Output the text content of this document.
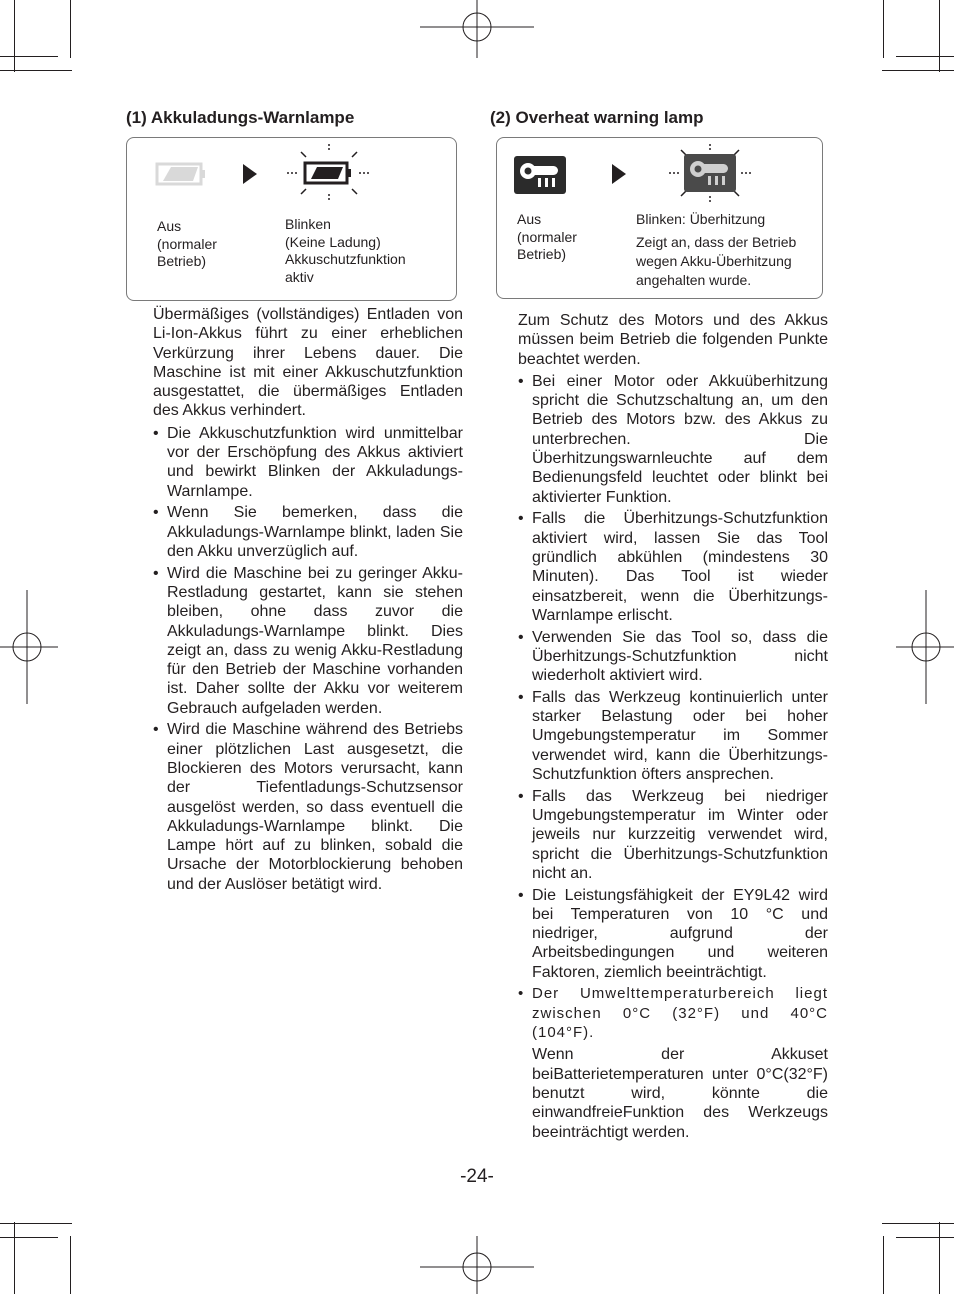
(1) Akkuladungs-Warnlampe
Aus
(normaler
Betrieb)
Blinken
(Keine Ladung)
Akkuschutzfunktion
aktiv

Übermäßiges (vollständiges) Entladen von Li-Ion-Akkus führt zu einer erheblichen Verkürzung ihrer Lebens dauer. Die Maschine ist mit einer Akkuschutzfunktion ausgestattet, die übermäßiges Entladen des Akkus verhindert.

• Die Akkuschutzfunktion wird unmittelbar vor der Erschöpfung des Akkus aktiviert und bewirkt Blinken der Akkuladungs-Warnlampe.
• Wenn Sie bemerken, dass die Akkuladungs-Warnlampe blinkt, laden Sie den Akku unverzüglich auf.
• Wird die Maschine bei zu geringer Akku-Restladung gestartet, kann sie stehen bleiben, ohne dass zuvor die Akkuladungs-Warnlampe blinkt. Dies zeigt an, dass zu wenig Akku-Restladung für den Betrieb der Maschine vorhanden ist. Daher sollte der Akku vor weiterem Gebrauch aufgeladen werden.
• Wird die Maschine während des Betriebs einer plötzlichen Last ausgesetzt, die Blockieren des Motors verursacht, kann der Tiefentladungs-Schutzsensor ausgelöst werden, so dass eventuell die Akkuladungs-Warnlampe blinkt. Die Lampe hört auf zu blinken, sobald die Ursache der Motorblockierung behoben und der Auslöser betätigt wird.
(2) Overheat warning lamp
Aus
(normaler
Betrieb)
Blinken: Überhitzung
Zeigt an, dass der Betrieb
wegen Akku-Überhitzung
angehalten wurde.

Zum Schutz des Motors und des Akkus müssen beim Betrieb die folgenden Punkte beachtet werden.

• Bei einer Motor oder Akkuüberhitzung spricht die Schutzschaltung an, um den Betrieb des Motors bzw. des Akkus zu unterbrechen. Die Überhitzungswarnleuchte auf dem Bedienungsfeld leuchtet oder blinkt bei aktivierter Funktion.
• Falls die Überhitzungs-Schutzfunktion aktiviert wird, lassen Sie das Tool gründlich abkühlen (mindestens 30 Minuten). Das Tool ist wieder einsatzbereit, wenn die Überhitzungs-Warnlampe erlischt.
• Verwenden Sie das Tool so, dass die Überhitzungs-Schutzfunktion nicht wiederholt aktiviert wird.
• Falls das Werkzeug kontinuierlich unter starker Belastung oder bei hoher Umgebungstemperatur im Sommer verwendet wird, kann die Überhitzungs-Schutzfunktion öfters ansprechen.
• Falls das Werkzeug bei niedriger Umgebungstemperatur im Winter oder jeweils nur kurzzeitig verwendet wird, spricht die Überhitzungs-Schutzfunktion nicht an.
• Die Leistungsfähigkeit der EY9L42 wird bei Temperaturen von 10 °C und niedriger, aufgrund der Arbeitsbedingungen und weiteren Faktoren, ziemlich beeinträchtigt.
• Der Umwelttemperaturbereich liegt zwischen 0°C (32°F) und 40°C (104°F).

Wenn der Akkuset beiBatterietemperaturen unter 0°C(32°F) benutzt wird, könnte die einwandfreieFunktion des Werkzeugs beeinträchtigt werden.

-24-
